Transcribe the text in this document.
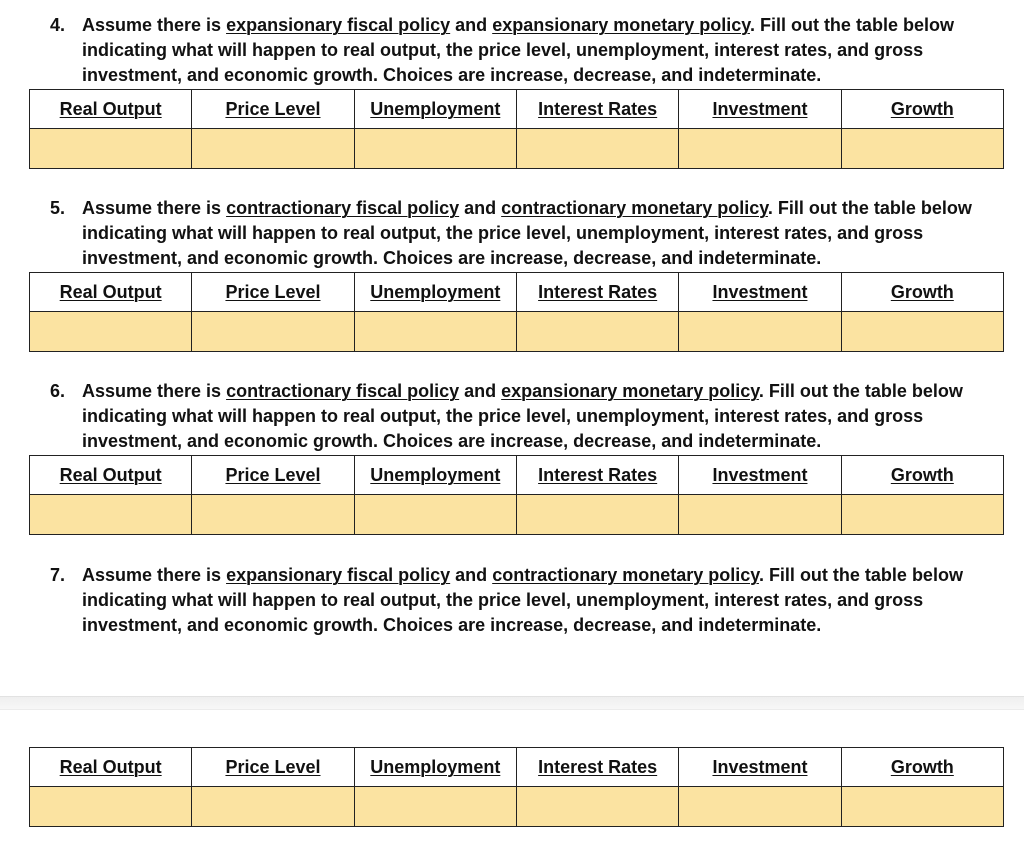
4. Assume there is expansionary fiscal policy and expansionary monetary policy. Fill out the table below indicating what will happen to real output, the price level, unemployment, interest rates, and gross investment, and economic growth. Choices are increase, decrease, and indeterminate.
Real Output	Price Level	Unemployment	Interest Rates	Investment	Growth

5. Assume there is contractionary fiscal policy and contractionary monetary policy. Fill out the table below indicating what will happen to real output, the price level, unemployment, interest rates, and gross investment, and economic growth. Choices are increase, decrease, and indeterminate.
Real Output	Price Level	Unemployment	Interest Rates	Investment	Growth

6. Assume there is contractionary fiscal policy and expansionary monetary policy. Fill out the table below indicating what will happen to real output, the price level, unemployment, interest rates, and gross investment, and economic growth. Choices are increase, decrease, and indeterminate.
Real Output	Price Level	Unemployment	Interest Rates	Investment	Growth

7. Assume there is expansionary fiscal policy and contractionary monetary policy. Fill out the table below indicating what will happen to real output, the price level, unemployment, interest rates, and gross investment, and economic growth. Choices are increase, decrease, and indeterminate.
Real Output	Price Level	Unemployment	Interest Rates	Investment	Growth
